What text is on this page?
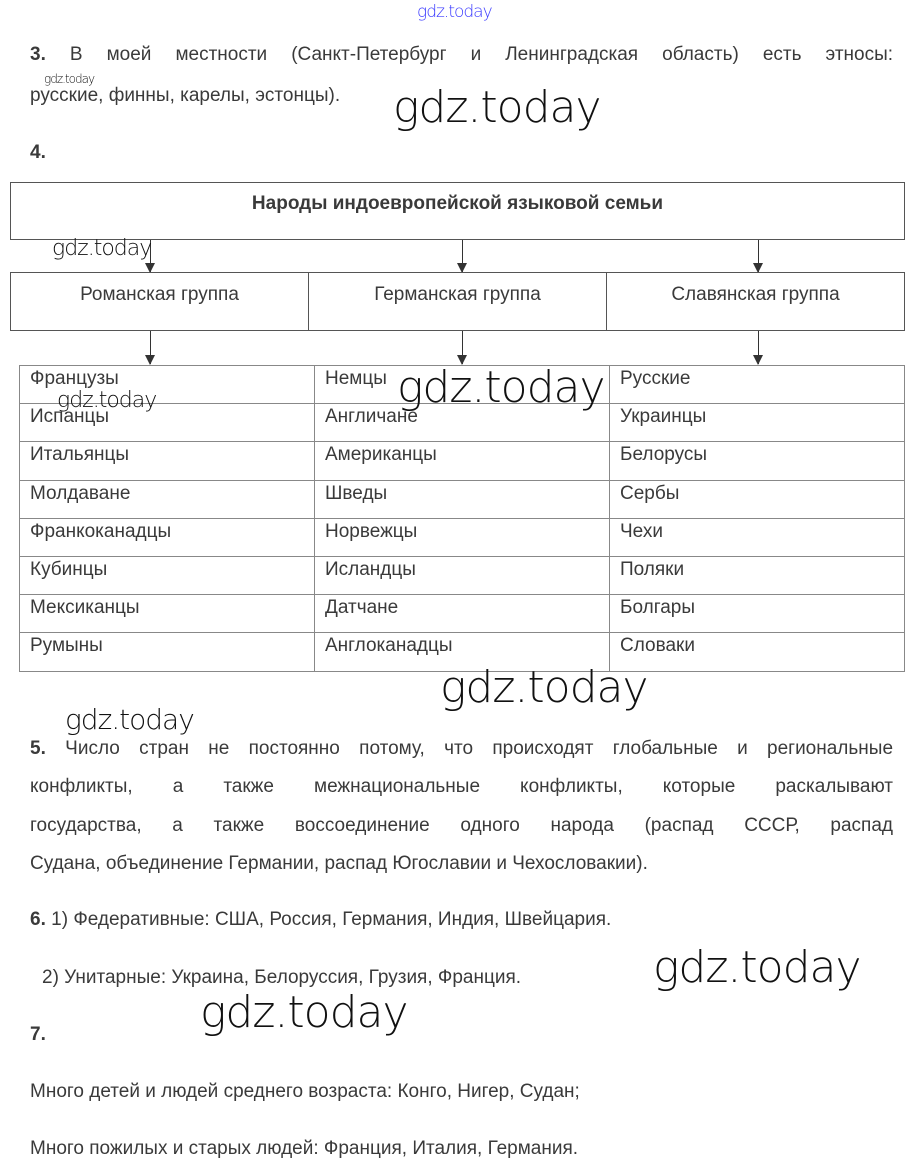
gdz.today
3. В моей местности (Санкт-Петербург и Ленинградская область) есть этносы:
русские, финны, карелы, эстонцы).
gdz.today
gdz.today
4.
Народы индоевропейской языковой семьи
gdz.today
Романская группа	Германская группа	Славянская группа
Французы	Немцы	Русские
Испанцы	Англичане	Украинцы
Итальянцы	Американцы	Белорусы
Молдаване	Шведы	Сербы
Франкоканадцы	Норвежцы	Чехи
Кубинцы	Исландцы	Поляки
Мексиканцы	Датчане	Болгары
Румыны	Англоканадцы	Словаки
gdz.today	gdz.today
gdz.today
gdz.today
5. Число стран не постоянно потому, что происходят глобальные и региональные
конфликты, а также межнациональные конфликты, которые раскалывают
государства, а также воссоединение одного народа (распад СССР, распад
Судана, объединение Германии, распад Югославии и Чехословакии).
6. 1) Федеративные: США, Россия, Германия, Индия, Швейцария.
2) Унитарные: Украина, Белоруссия, Грузия, Франция.	gdz.today
gdz.today
7.
Много детей и людей среднего возраста: Конго, Нигер, Судан;
Много пожилых и старых людей: Франция, Италия, Германия.
